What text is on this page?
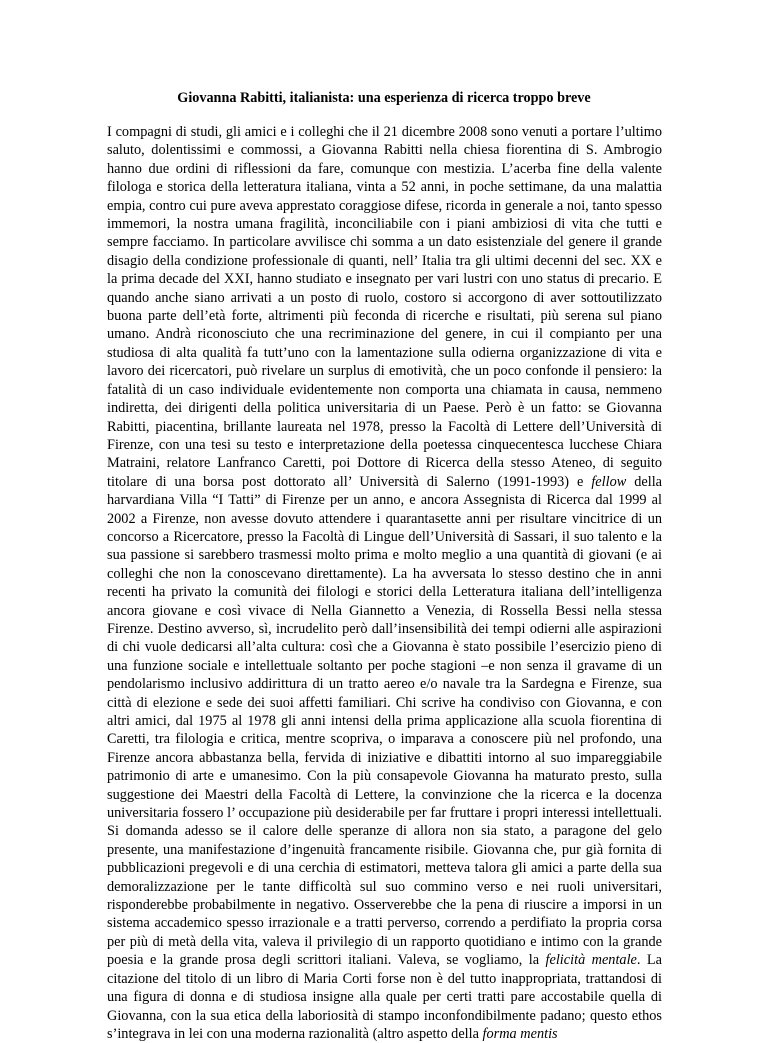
Giovanna Rabitti, italianista: una esperienza di ricerca troppo breve

I compagni di studi, gli amici e i colleghi che il 21 dicembre 2008 sono venuti a portare l’ultimo saluto, dolentissimi e commossi, a Giovanna Rabitti nella chiesa fiorentina di S. Ambrogio hanno due ordini di riflessioni da fare, comunque con mestizia. L’acerba fine della valente filologa e storica della letteratura italiana, vinta a 52 anni, in poche settimane, da una malattia empia, contro cui pure aveva apprestato coraggiose difese, ricorda in generale a noi, tanto spesso immemori, la nostra umana fragilità, inconciliabile con i piani ambiziosi di vita che tutti e sempre facciamo. In particolare avvilisce chi somma a un dato esistenziale del genere il grande disagio della condizione professionale di quanti, nell’ Italia tra gli ultimi decenni del sec. XX e la prima decade del XXI, hanno studiato e insegnato per vari lustri con uno status di precario. E quando anche siano arrivati a un posto di ruolo, costoro si accorgono di aver sottoutilizzato buona parte dell’età forte, altrimenti più feconda di ricerche e risultati, più serena sul piano umano. Andrà riconosciuto che una recriminazione del genere, in cui il compianto per una studiosa di alta qualità fa tutt’uno con la lamentazione sulla odierna organizzazione di vita e lavoro dei ricercatori, può rivelare un surplus di emotività, che un poco confonde il pensiero: la fatalità di un caso individuale evidentemente non comporta una chiamata in causa, nemmeno indiretta, dei dirigenti della politica universitaria di un Paese. Però è un fatto: se Giovanna Rabitti, piacentina, brillante laureata nel 1978, presso la Facoltà di Lettere dell’Università di Firenze, con una tesi su testo e interpretazione della poetessa cinquecentesca lucchese Chiara Matraini, relatore Lanfranco Caretti, poi Dottore di Ricerca della stesso Ateneo, di seguito titolare di una borsa post dottorato all’ Università di Salerno (1991-1993) e fellow della harvardiana Villa “I Tatti” di Firenze per un anno, e ancora Assegnista di Ricerca dal 1999 al 2002 a Firenze, non avesse dovuto attendere i quarantasette anni per risultare vincitrice di un concorso a Ricercatore, presso la Facoltà di Lingue dell’Università di Sassari, il suo talento e la sua passione si sarebbero trasmessi molto prima e molto meglio a una quantità di giovani (e ai colleghi che non la conoscevano direttamente). La ha avversata lo stesso destino che in anni recenti ha privato la comunità dei filologi e storici della Letteratura italiana dell’intelligenza ancora giovane e così vivace di Nella Giannetto a Venezia, di Rossella Bessi nella stessa Firenze. Destino avverso, sì, incrudelito però dall’insensibilità dei tempi odierni alle aspirazioni di chi vuole dedicarsi all’alta cultura: così che a Giovanna è stato possibile l’esercizio pieno di una funzione sociale e intellettuale soltanto per poche stagioni –e non senza il gravame di un pendolarismo inclusivo addirittura di un tratto aereo e/o navale tra la Sardegna e Firenze, sua città di elezione e sede dei suoi affetti familiari. Chi scrive ha condiviso con Giovanna, e con altri amici, dal 1975 al 1978 gli anni intensi della prima applicazione alla scuola fiorentina di Caretti, tra filologia e critica, mentre scopriva, o imparava a conoscere più nel profondo, una Firenze ancora abbastanza bella, fervida di iniziative e dibattiti intorno al suo impareggiabile patrimonio di arte e umanesimo. Con la più consapevole Giovanna ha maturato presto, sulla suggestione dei Maestri della Facoltà di Lettere, la convinzione che la ricerca e la docenza universitaria fossero l’ occupazione più desiderabile per far fruttare i propri interessi intellettuali. Si domanda adesso se il calore delle speranze di allora non sia stato, a paragone del gelo presente, una manifestazione d’ingenuità francamente risibile. Giovanna che, pur già fornita di pubblicazioni pregevoli e di una cerchia di estimatori, metteva talora gli amici a parte della sua demoralizzazione per le tante difficoltà sul suo commino verso e nei ruoli universitari, risponderebbe probabilmente in negativo. Osserverebbe che la pena di riuscire a imporsi in un sistema accademico spesso irrazionale e a tratti perverso, correndo a perdifiato la propria corsa per più di metà della vita, valeva il privilegio di un rapporto quotidiano e intimo con la grande poesia e la grande prosa degli scrittori italiani. Valeva, se vogliamo, la felicità mentale. La citazione del titolo di un libro di Maria Corti forse non è del tutto inappropriata, trattandosi di una figura di donna e di studiosa insigne alla quale per certi tratti pare accostabile quella di Giovanna, con la sua etica della laboriosità di stampo inconfondibilmente padano; questo ethos s’integrava in lei con una moderna razionalità (altro aspetto della forma mentis
